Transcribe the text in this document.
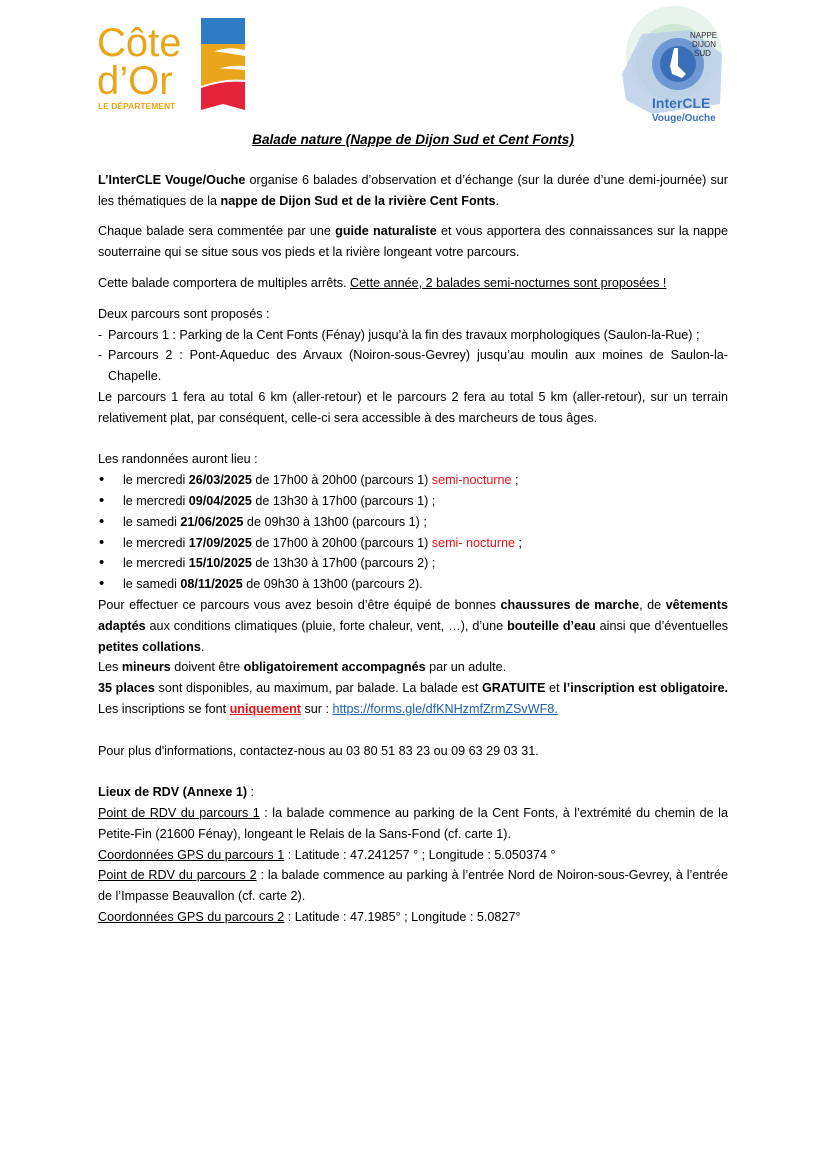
Côte
d’Or
LE DÉPARTEMENT
NAPPE
DIJON
SUD
InterCLE
Vouge/Ouche
Balade nature (Nappe de Dijon Sud et Cent Fonts)

L’InterCLE Vouge/Ouche organise 6 balades d’observation et d’échange (sur la durée d’une demi-journée) sur les thématiques de la nappe de Dijon Sud et de la rivière Cent Fonts.

Chaque balade sera commentée par une guide naturaliste et vous apportera des connaissances sur la nappe souterraine qui se situe sous vos pieds et la rivière longeant votre parcours.

Cette balade comportera de multiples arrêts. Cette année, 2 balades semi-nocturnes sont proposées !

Deux parcours sont proposés :

- Parcours 1 : Parking de la Cent Fonts (Fénay) jusqu’à la fin des travaux morphologiques (Saulon-la-Rue) ;
- Parcours 2 : Pont-Aqueduc des Arvaux (Noiron-sous-Gevrey) jusqu’au moulin aux moines de Saulon-la-Chapelle.

Le parcours 1 fera au total 6 km (aller-retour) et le parcours 2 fera au total 5 km (aller-retour), sur un terrain relativement plat, par conséquent, celle-ci sera accessible à des marcheurs de tous âges.

Les randonnées auront lieu :

• le mercredi 26/03/2025 de 17h00 à 20h00 (parcours 1) semi-nocturne ;
• le mercredi 09/04/2025 de 13h30 à 17h00 (parcours 1) ;
• le samedi 21/06/2025 de 09h30 à 13h00 (parcours 1) ;
• le mercredi 17/09/2025 de 17h00 à 20h00 (parcours 1) semi- nocturne ;
• le mercredi 15/10/2025 de 13h30 à 17h00 (parcours 2) ;
• le samedi 08/11/2025 de 09h30 à 13h00 (parcours 2).

Pour effectuer ce parcours vous avez besoin d’être équipé de bonnes chaussures de marche, de vêtements adaptés aux conditions climatiques (pluie, forte chaleur, vent, …), d’une bouteille d’eau ainsi que d’éventuelles petites collations.

Les mineurs doivent être obligatoirement accompagnés par un adulte.

35 places sont disponibles, au maximum, par balade. La balade est GRATUITE et l’inscription est obligatoire. Les inscriptions se font uniquement sur : https://forms.gle/dfKNHzmfZrmZSvWF8.

Pour plus d'informations, contactez-nous au 03 80 51 83 23 ou 09 63 29 03 31.

Lieux de RDV (Annexe 1) :

Point de RDV du parcours 1 : la balade commence au parking de la Cent Fonts, à l’extrémité du chemin de la Petite-Fin (21600 Fénay), longeant le Relais de la Sans-Fond (cf. carte 1).

Coordonnées GPS du parcours 1 : Latitude : 47.241257 ° ; Longitude : 5.050374 °

Point de RDV du parcours 2 : la balade commence au parking à l’entrée Nord de Noiron-sous-Gevrey, à l’entrée de l’Impasse Beauvallon (cf. carte 2).

Coordonnées GPS du parcours 2 : Latitude : 47.1985° ; Longitude : 5.0827°
